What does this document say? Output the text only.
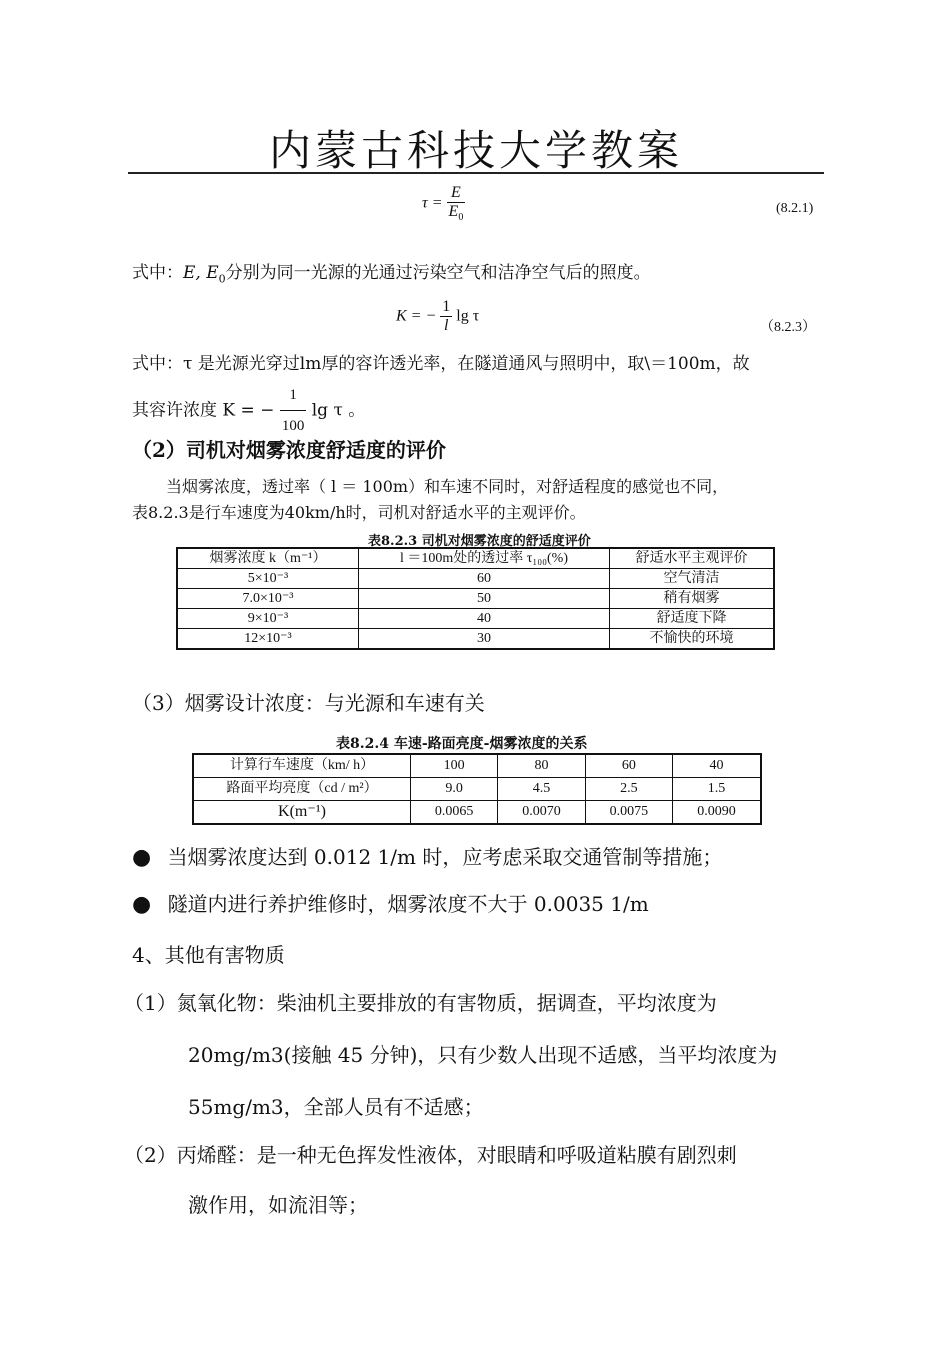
内蒙古科技大学教案
$\tau = \frac{E}{E_0}$	(8.2.1)
式中：E, $E_0$分别为同一光源的光通过污染空气和洁净空气后的照度。
K = − $\frac{1}{l}$ lg τ
（8.2.3）
式中：τ 是光源光穿过lm厚的容许透光率，在隧道通风与照明中，取\＝100m，故
其容许浓度 K = − $\frac{1}{100}$ lg τ 。
（2）司机对烟雾浓度舒适度的评价
当烟雾浓度，透过率（ l ＝ 100m）和车速不同时，对舒适程度的感觉也不同，
表8.2.3是行车速度为40km/h时，司机对舒适水平的主观评价。
表8.2.3 司机对烟雾浓度的舒适度评价
烟雾浓度 k（m⁻¹）	l ＝100m处的透过率 τ₁₀₀(%)	舒适水平主观评价
5×10⁻³	60	空气清洁
7.0×10⁻³	50	稍有烟雾
9×10⁻³	40	舒适度下降
12×10⁻³	30	不愉快的环境
（3）烟雾设计浓度：与光源和车速有关
表8.2.4 车速-路面亮度-烟雾浓度的关系
计算行车速度（km/ h）	100	80	60	40
路面平均亮度（cd / m²）	9.0	4.5	2.5	1.5
K(m⁻¹)	0.0065	0.0070	0.0075	0.0090
● 当烟雾浓度达到 0.012 1/m 时，应考虑采取交通管制等措施；
● 隧道内进行养护维修时，烟雾浓度不大于 0.0035 1/m
4、其他有害物质
（1）氮氧化物：柴油机主要排放的有害物质，据调查，平均浓度为
20mg/m3(接触 45 分钟)，只有少数人出现不适感，当平均浓度为
55mg/m3，全部人员有不适感；
（2）丙烯醛：是一种无色挥发性液体，对眼睛和呼吸道粘膜有剧烈刺
激作用，如流泪等；
